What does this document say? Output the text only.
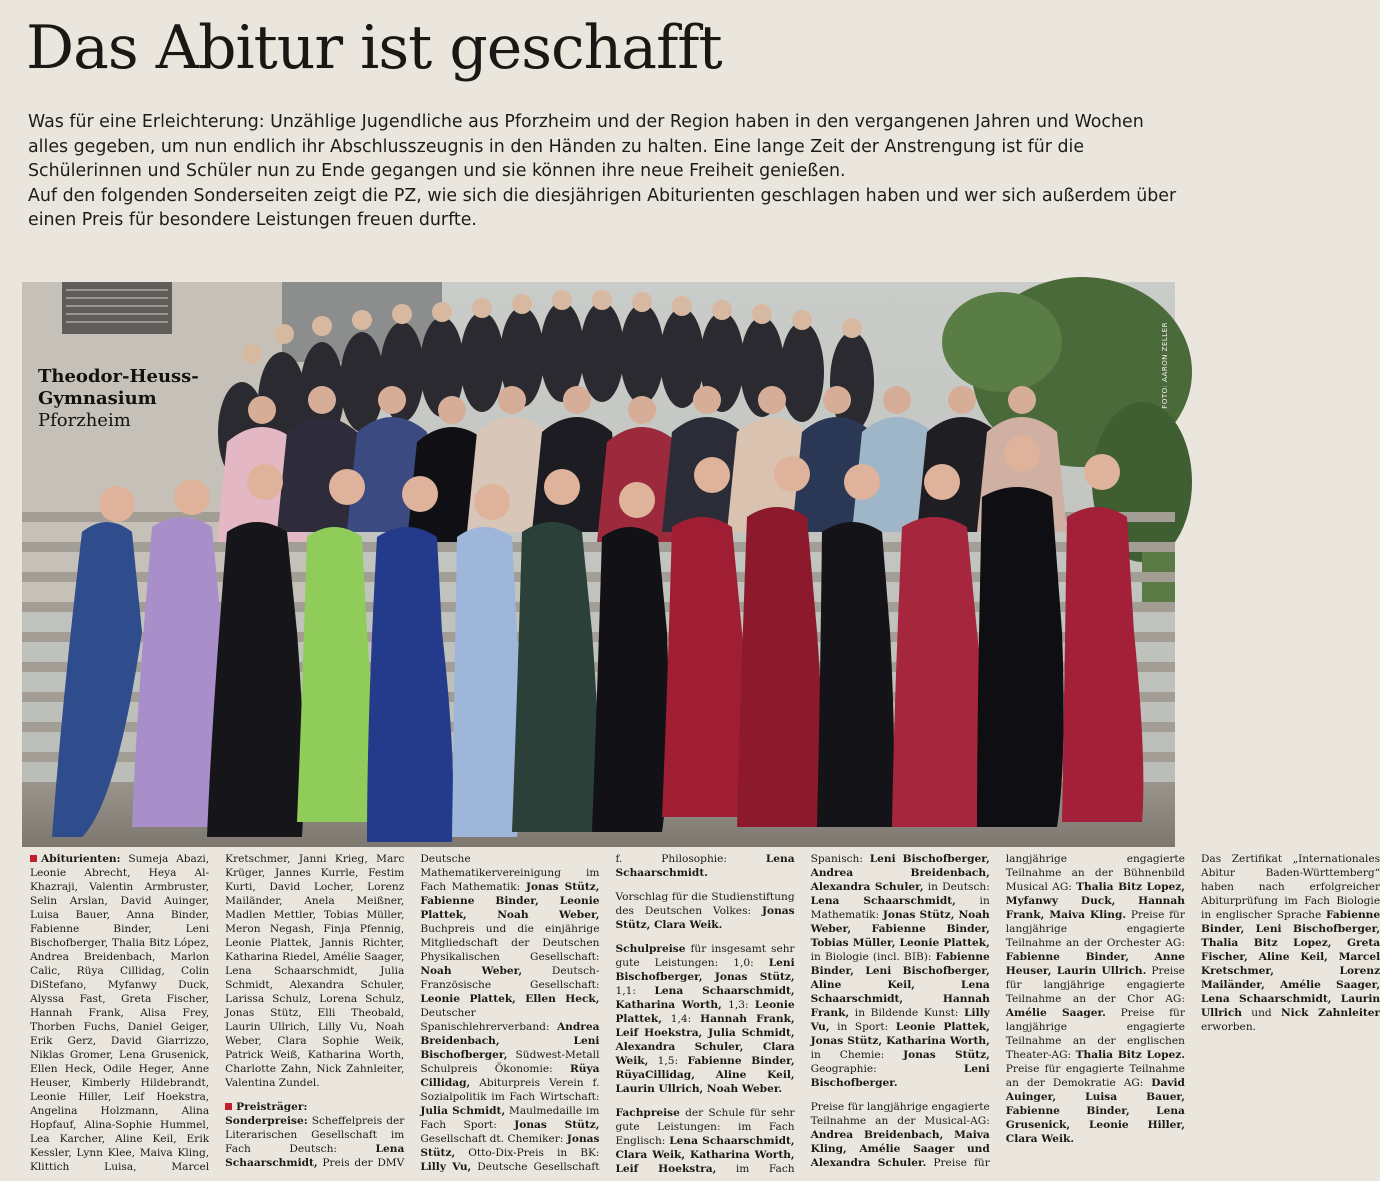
Das Abitur ist geschafft

Was für eine Erleichterung: Unzählige Jugendliche aus Pforzheim und der Region haben in den vergangenen Jahren und Wochen alles gegeben, um nun endlich ihr Abschlusszeugnis in den Händen zu halten. Eine lange Zeit der Anstrengung ist für die Schülerinnen und Schüler nun zu Ende gegangen und sie können ihre neue Freiheit genießen.

Auf den folgenden Sonderseiten zeigt die PZ, wie sich die diesjährigen Abiturienten geschlagen haben und wer sich außerdem über einen Preis für besondere Leistungen freuen durfte.

Theodor-Heuss-
Gymnasium
Pforzheim
FOTO: AARON ZELLER

Abiturienten: Sumeja Abazi, Leonie Abrecht, Heya Al-Khazraji, Valentin Armbruster, Selin Arslan, David Auinger, Luisa Bauer, Anna Binder, Fabienne Binder, Leni Bischofberger, Thalia Bitz López, Andrea Breidenbach, Marlon Calic, Rüya Cillidag, Colin DiStefano, Myfanwy Duck, Alyssa Fast, Greta Fischer, Hannah Frank, Alisa Frey, Thorben Fuchs, Daniel Geiger, Erik Gerz, David Giarrizzo, Niklas Gromer, Lena Grusenick, Ellen Heck, Odile Heger, Anne Heuser, Kimberly Hildebrandt, Leonie Hiller, Leif Hoekstra, Angelina Holzmann, Alina Hopfauf, Alina-Sophie Hummel, Lea Karcher, Aline Keil, Erik Kessler, Lynn Klee, Maiva Kling, Klittich Luisa, Marcel Kretschmer, Janni Krieg, Marc Krüger, Jannes Kurrle, Festim Kurti, David Locher, Lorenz Mailänder, Anela Meißner, Madlen Mettler, Tobias Müller, Meron Negash, Finja Pfennig, Leonie Plattek, Jannis Richter, Katharina Riedel, Amélie Saager, Lena Schaarschmidt, Julia Schmidt, Alexandra Schuler, Larissa Schulz, Lorena Schulz, Jonas Stütz, Elli Theobald, Laurin Ullrich, Lilly Vu, Noah Weber, Clara Sophie Weik, Patrick Weiß, Katharina Worth, Charlotte Zahn, Nick Zahnleiter, Valentina Zundel.

Preisträger:
Sonderpreise: Scheffelpreis der Literarischen Gesellschaft im Fach Deutsch: Lena Schaarschmidt, Preis der DMV Deutsche Mathematikervereinigung im Fach Mathematik: Jonas Stütz, Fabienne Binder, Leonie Plattek, Noah Weber, Buchpreis und die einjährige Mitgliedschaft der Deutschen Physikalischen Gesellschaft: Noah Weber, Deutsch-Französische Gesellschaft: Leonie Plattek, Ellen Heck, Deutscher Spanischlehrerverband: Andrea Breidenbach, Leni Bischofberger, Südwest-Metall Schulpreis Ökonomie: Rüya Cillidag, Abiturpreis Verein f. Sozialpolitik im Fach Wirtschaft: Julia Schmidt, Maulmedaille im Fach Sport: Jonas Stütz, Gesellschaft dt. Chemiker: Jonas Stütz, Otto-Dix-Preis in BK: Lilly Vu, Deutsche Gesellschaft f. Philosophie: Lena Schaarschmidt.

Vorschlag für die Studienstiftung des Deutschen Volkes: Jonas Stütz, Clara Weik.

Schulpreise für insgesamt sehr gute Leistungen: 1,0: Leni Bischofberger, Jonas Stütz, 1,1: Lena Schaarschmidt, Katharina Worth, 1,3: Leonie Plattek, 1,4: Hannah Frank, Leif Hoekstra, Julia Schmidt, Alexandra Schuler, Clara Weik, 1,5: Fabienne Binder, RüyaCillidag, Aline Keil, Laurin Ullrich, Noah Weber.

Fachpreise der Schule für sehr gute Leistungen: im Fach Englisch: Lena Schaarschmidt, Clara Weik, Katharina Worth, Leif Hoekstra, im Fach Spanisch: Leni Bischofberger, Andrea Breidenbach, Alexandra Schuler, in Deutsch: Lena Schaarschmidt, in Mathematik: Jonas Stütz, Noah Weber, Fabienne Binder, Tobias Müller, Leonie Plattek, in Biologie (incl. BIB): Fabienne Binder, Leni Bischofberger, Aline Keil, Lena Schaarschmidt, Hannah Frank, in Bildende Kunst: Lilly Vu, in Sport: Leonie Plattek, Jonas Stütz, Katharina Worth, in Chemie: Jonas Stütz, Geographie: Leni Bischofberger.

Preise für langjährige engagierte Teilnahme an der Musical-AG: Andrea Breidenbach, Maiva Kling, Amélie Saager und Alexandra Schuler. Preise für langjährige engagierte Teilnahme an der Bühnenbild Musical AG: Thalia Bitz Lopez, Myfanwy Duck, Hannah Frank, Maiva Kling. Preise für langjährige engagierte Teilnahme an der Orchester AG: Fabienne Binder, Anne Heuser, Laurin Ullrich. Preise für langjährige engagierte Teilnahme an der Chor AG: Amélie Saager. Preise für langjährige engagierte Teilnahme an der englischen Theater-AG: Thalia Bitz Lopez. Preise für engagierte Teilnahme an der Demokratie AG: David Auinger, Luisa Bauer, Fabienne Binder, Lena Grusenick, Leonie Hiller, Clara Weik.

Das Zertifikat „Internationales Abitur Baden-Württemberg“ haben nach erfolgreicher Abiturprüfung im Fach Biologie in englischer Sprache Fabienne Binder, Leni Bischofberger, Thalia Bitz Lopez, Greta Fischer, Aline Keil, Marcel Kretschmer, Lorenz Mailänder, Amélie Saager, Lena Schaarschmidt, Laurin Ullrich und Nick Zahnleiter erworben.
